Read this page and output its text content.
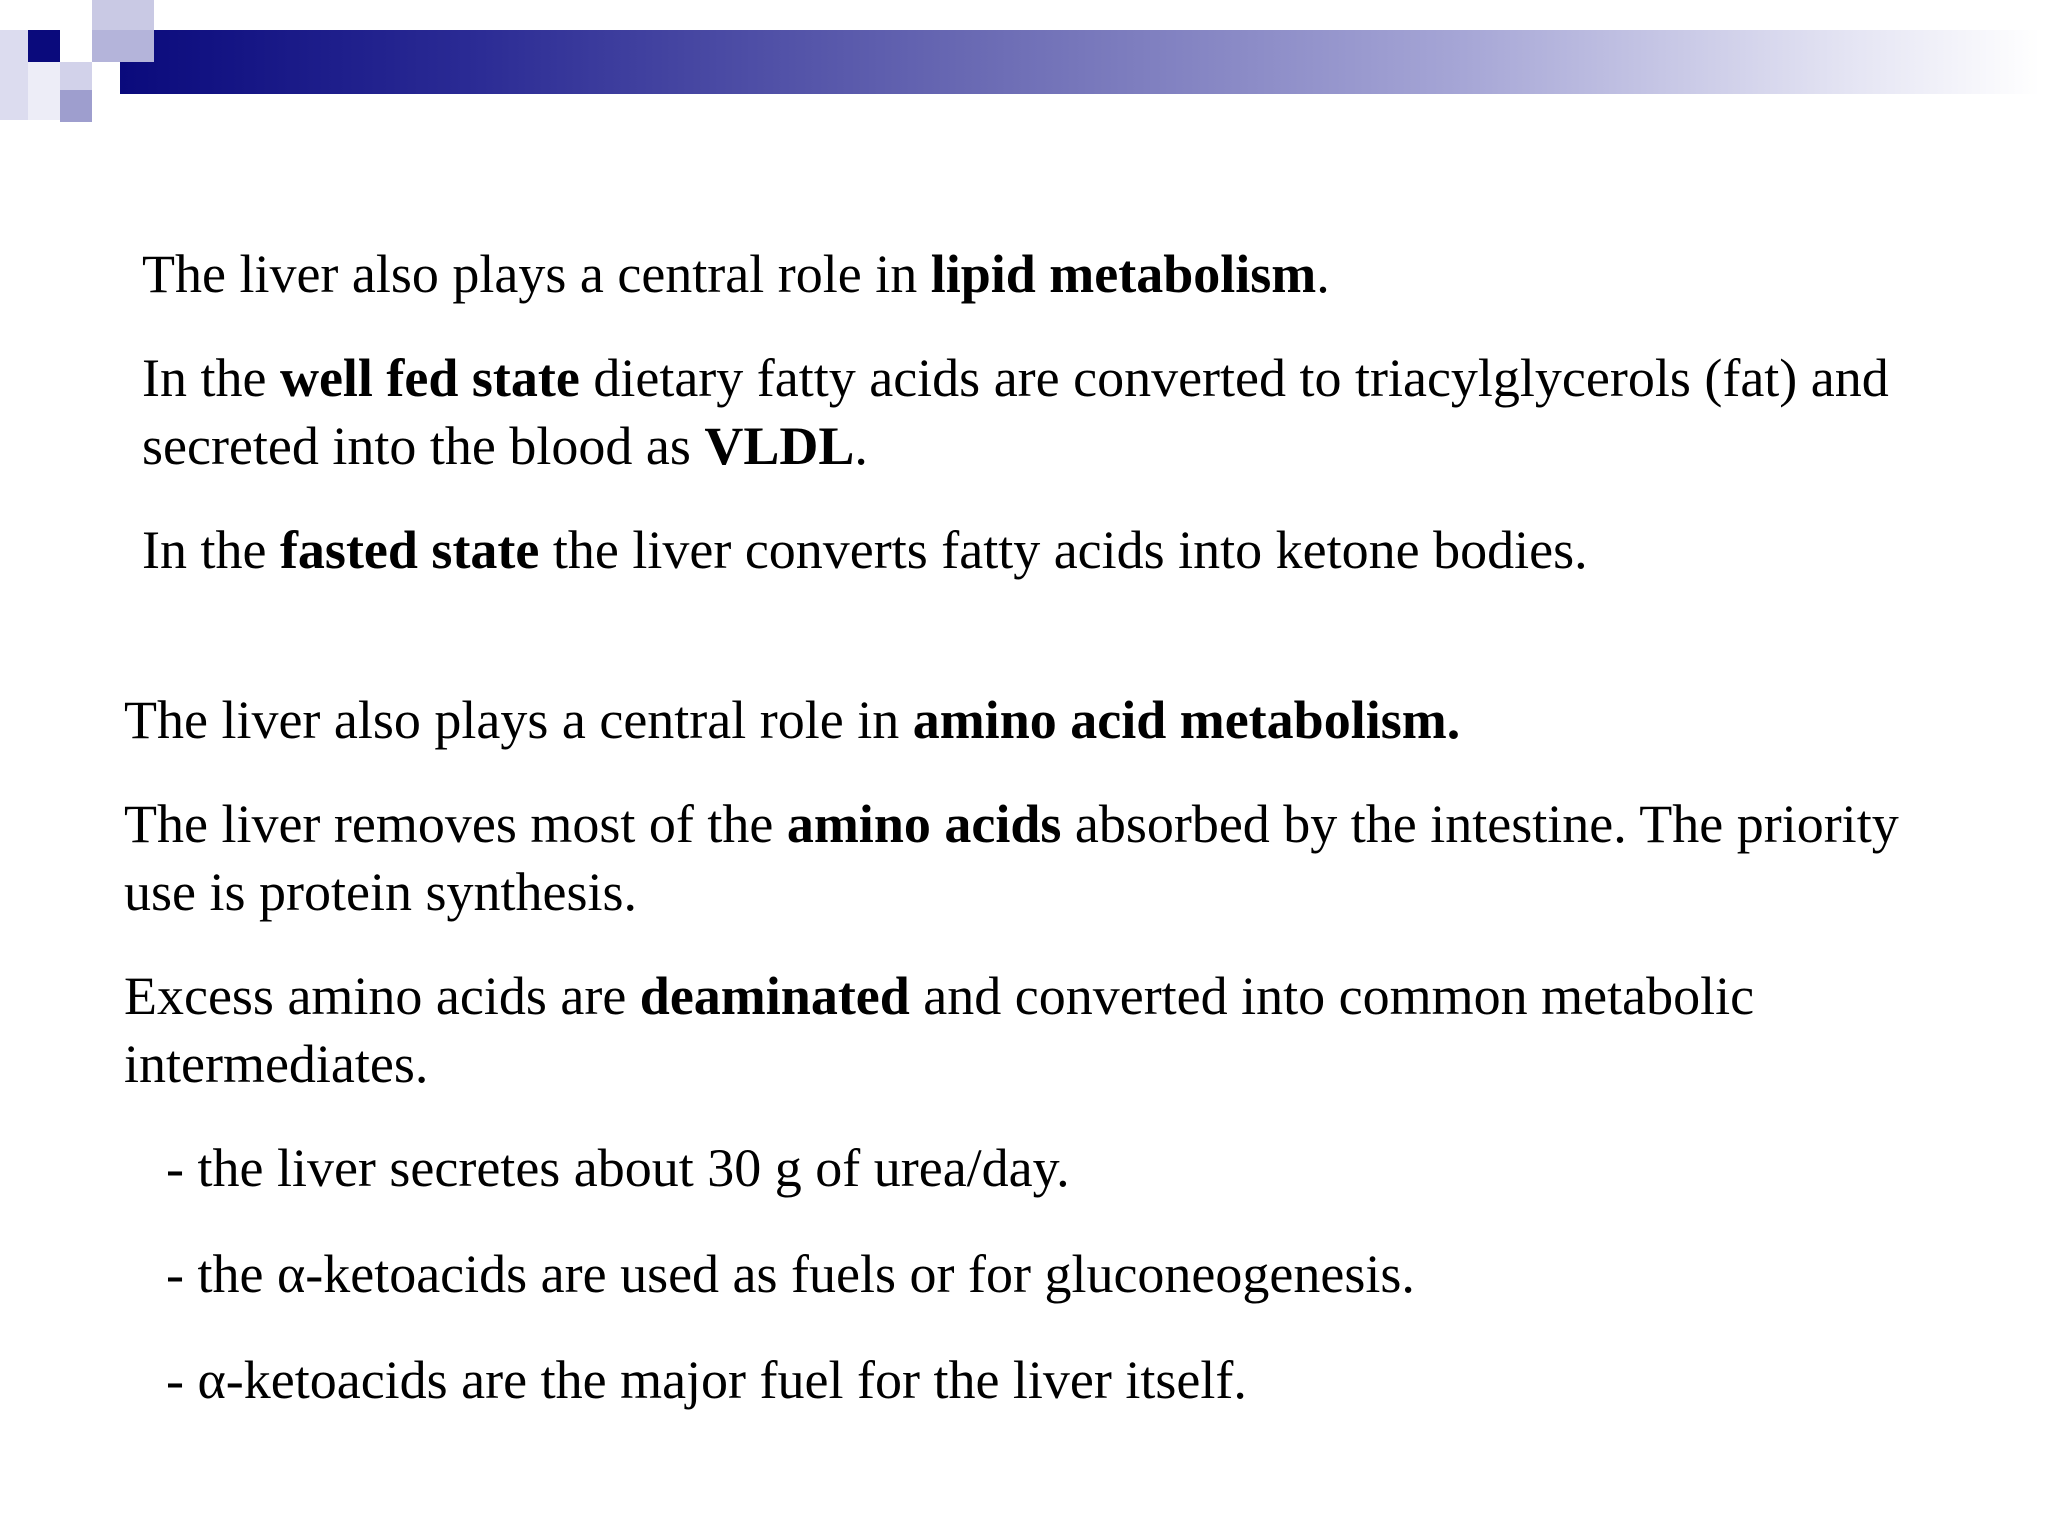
The liver also plays a central role in lipid metabolism.

In the well fed state dietary fatty acids are converted to triacylglycerols (fat) and secreted into the blood as VLDL.

In the fasted state the liver converts fatty acids into ketone bodies.

The liver also plays a central role in amino acid metabolism.

The liver removes most of the amino acids absorbed by the intestine. The priority use is protein synthesis.

Excess amino acids are deaminated and converted into common metabolic intermediates.

- the liver secretes about 30 g of urea/day.

- the α-ketoacids are used as fuels or for gluconeogenesis.

- α-ketoacids are the major fuel for the liver itself.
